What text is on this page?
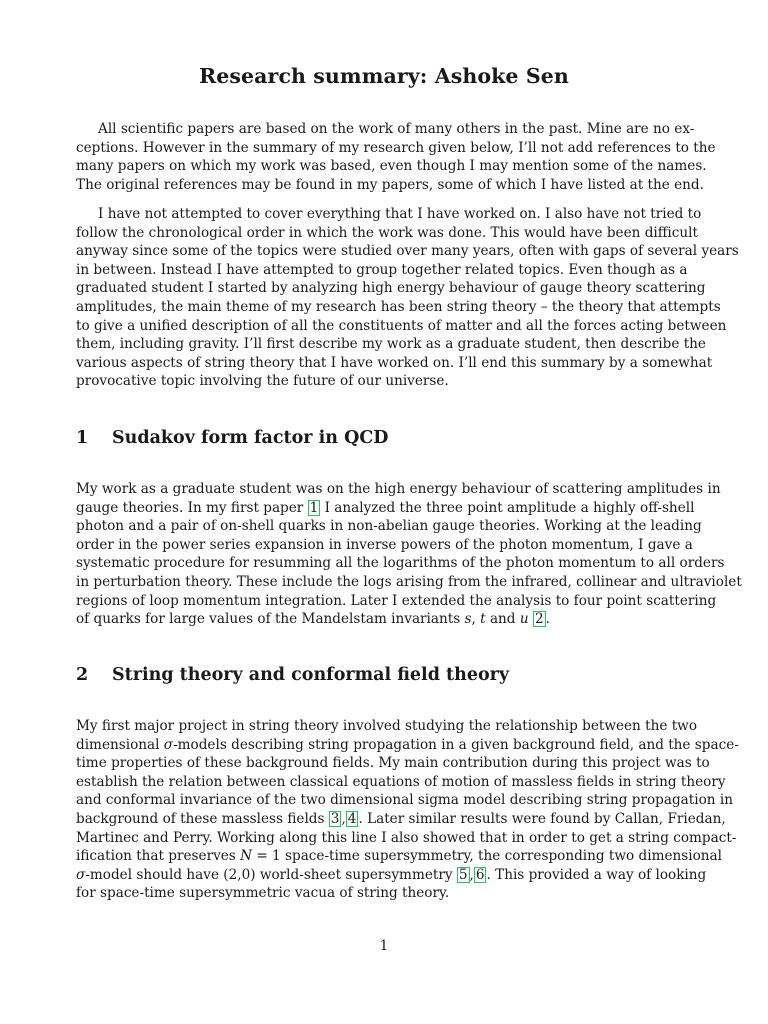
Research summary: Ashoke Sen
All scientific papers are based on the work of many others in the past. Mine are no ex-
ceptions. However in the summary of my research given below, I’ll not add references to the
many papers on which my work was based, even though I may mention some of the names.
The original references may be found in my papers, some of which I have listed at the end.
I have not attempted to cover everything that I have worked on. I also have not tried to
follow the chronological order in which the work was done. This would have been difficult
anyway since some of the topics were studied over many years, often with gaps of several years
in between. Instead I have attempted to group together related topics. Even though as a
graduated student I started by analyzing high energy behaviour of gauge theory scattering
amplitudes, the main theme of my research has been string theory – the theory that attempts
to give a unified description of all the constituents of matter and all the forces acting between
them, including gravity. I’ll first describe my work as a graduate student, then describe the
various aspects of string theory that I have worked on. I’ll end this summary by a somewhat
provocative topic involving the future of our universe.
1 Sudakov form factor in QCD
My work as a graduate student was on the high energy behaviour of scattering amplitudes in
gauge theories. In my first paper 1 I analyzed the three point amplitude a highly off-shell
photon and a pair of on-shell quarks in non-abelian gauge theories. Working at the leading
order in the power series expansion in inverse powers of the photon momentum, I gave a
systematic procedure for resumming all the logarithms of the photon momentum to all orders
in perturbation theory. These include the logs arising from the infrared, collinear and ultraviolet
regions of loop momentum integration. Later I extended the analysis to four point scattering
of quarks for large values of the Mandelstam invariants s, t and u 2 .
2 String theory and conformal field theory
My first major project in string theory involved studying the relationship between the two
dimensional σ-models describing string propagation in a given background field, and the space-
time properties of these background fields. My main contribution during this project was to
establish the relation between classical equations of motion of massless fields in string theory
and conformal invariance of the two dimensional sigma model describing string propagation in
background of these massless fields 3 , 4 . Later similar results were found by Callan, Friedan,
Martinec and Perry. Working along this line I also showed that in order to get a string compact-
ification that preserves N = 1 space-time supersymmetry, the corresponding two dimensional
σ-model should have (2,0) world-sheet supersymmetry 5 , 6 . This provided a way of looking
for space-time supersymmetric vacua of string theory.
1
